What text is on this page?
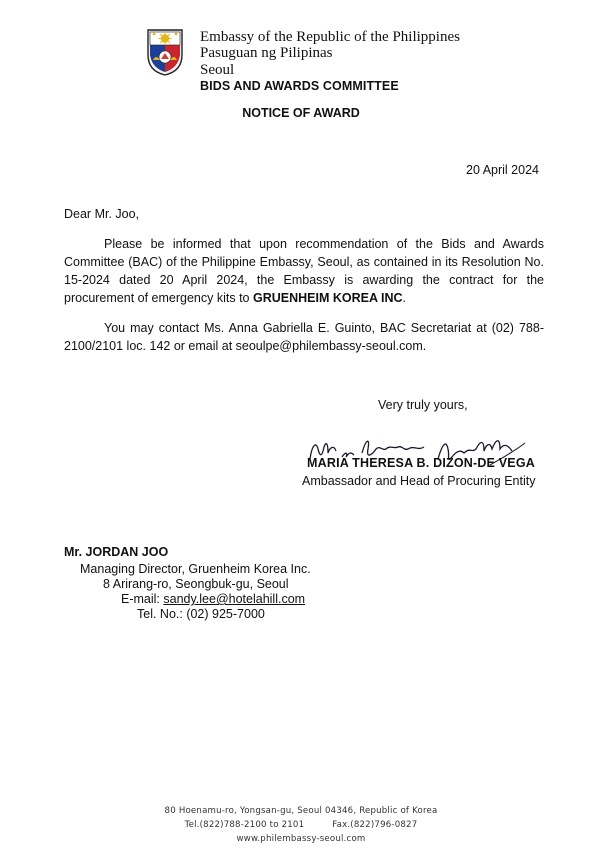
Embassy of the Republic of the Philippines
Pasuguan ng Pilipinas
Seoul
BIDS AND AWARDS COMMITTEE
NOTICE OF AWARD
20 April 2024
Dear Mr. Joo,
Please be informed that upon recommendation of the Bids and Awards Committee (BAC) of the Philippine Embassy, Seoul, as contained in its Resolution No. 15-2024 dated 20 April 2024, the Embassy is awarding the contract for the procurement of emergency kits to GRUENHEIM KOREA INC.
You may contact Ms. Anna Gabriella E. Guinto, BAC Secretariat at (02) 788-2100/2101 loc. 142 or email at seoulpe@philembassy-seoul.com.
Very truly yours,
MARIA THERESA B. DIZON-DE VEGA
Ambassador and Head of Procuring Entity
Mr. JORDAN JOO
Managing Director, Gruenheim Korea Inc.
8 Arirang-ro, Seongbuk-gu, Seoul
E-mail: sandy.lee@hotelahill.com
Tel. No.: (02) 925-7000
80 Hoenamu-ro, Yongsan-gu, Seoul 04346, Republic of Korea
Tel.(822)788-2100 to 2101	Fax.(822)796-0827
www.philembassy-seoul.com
